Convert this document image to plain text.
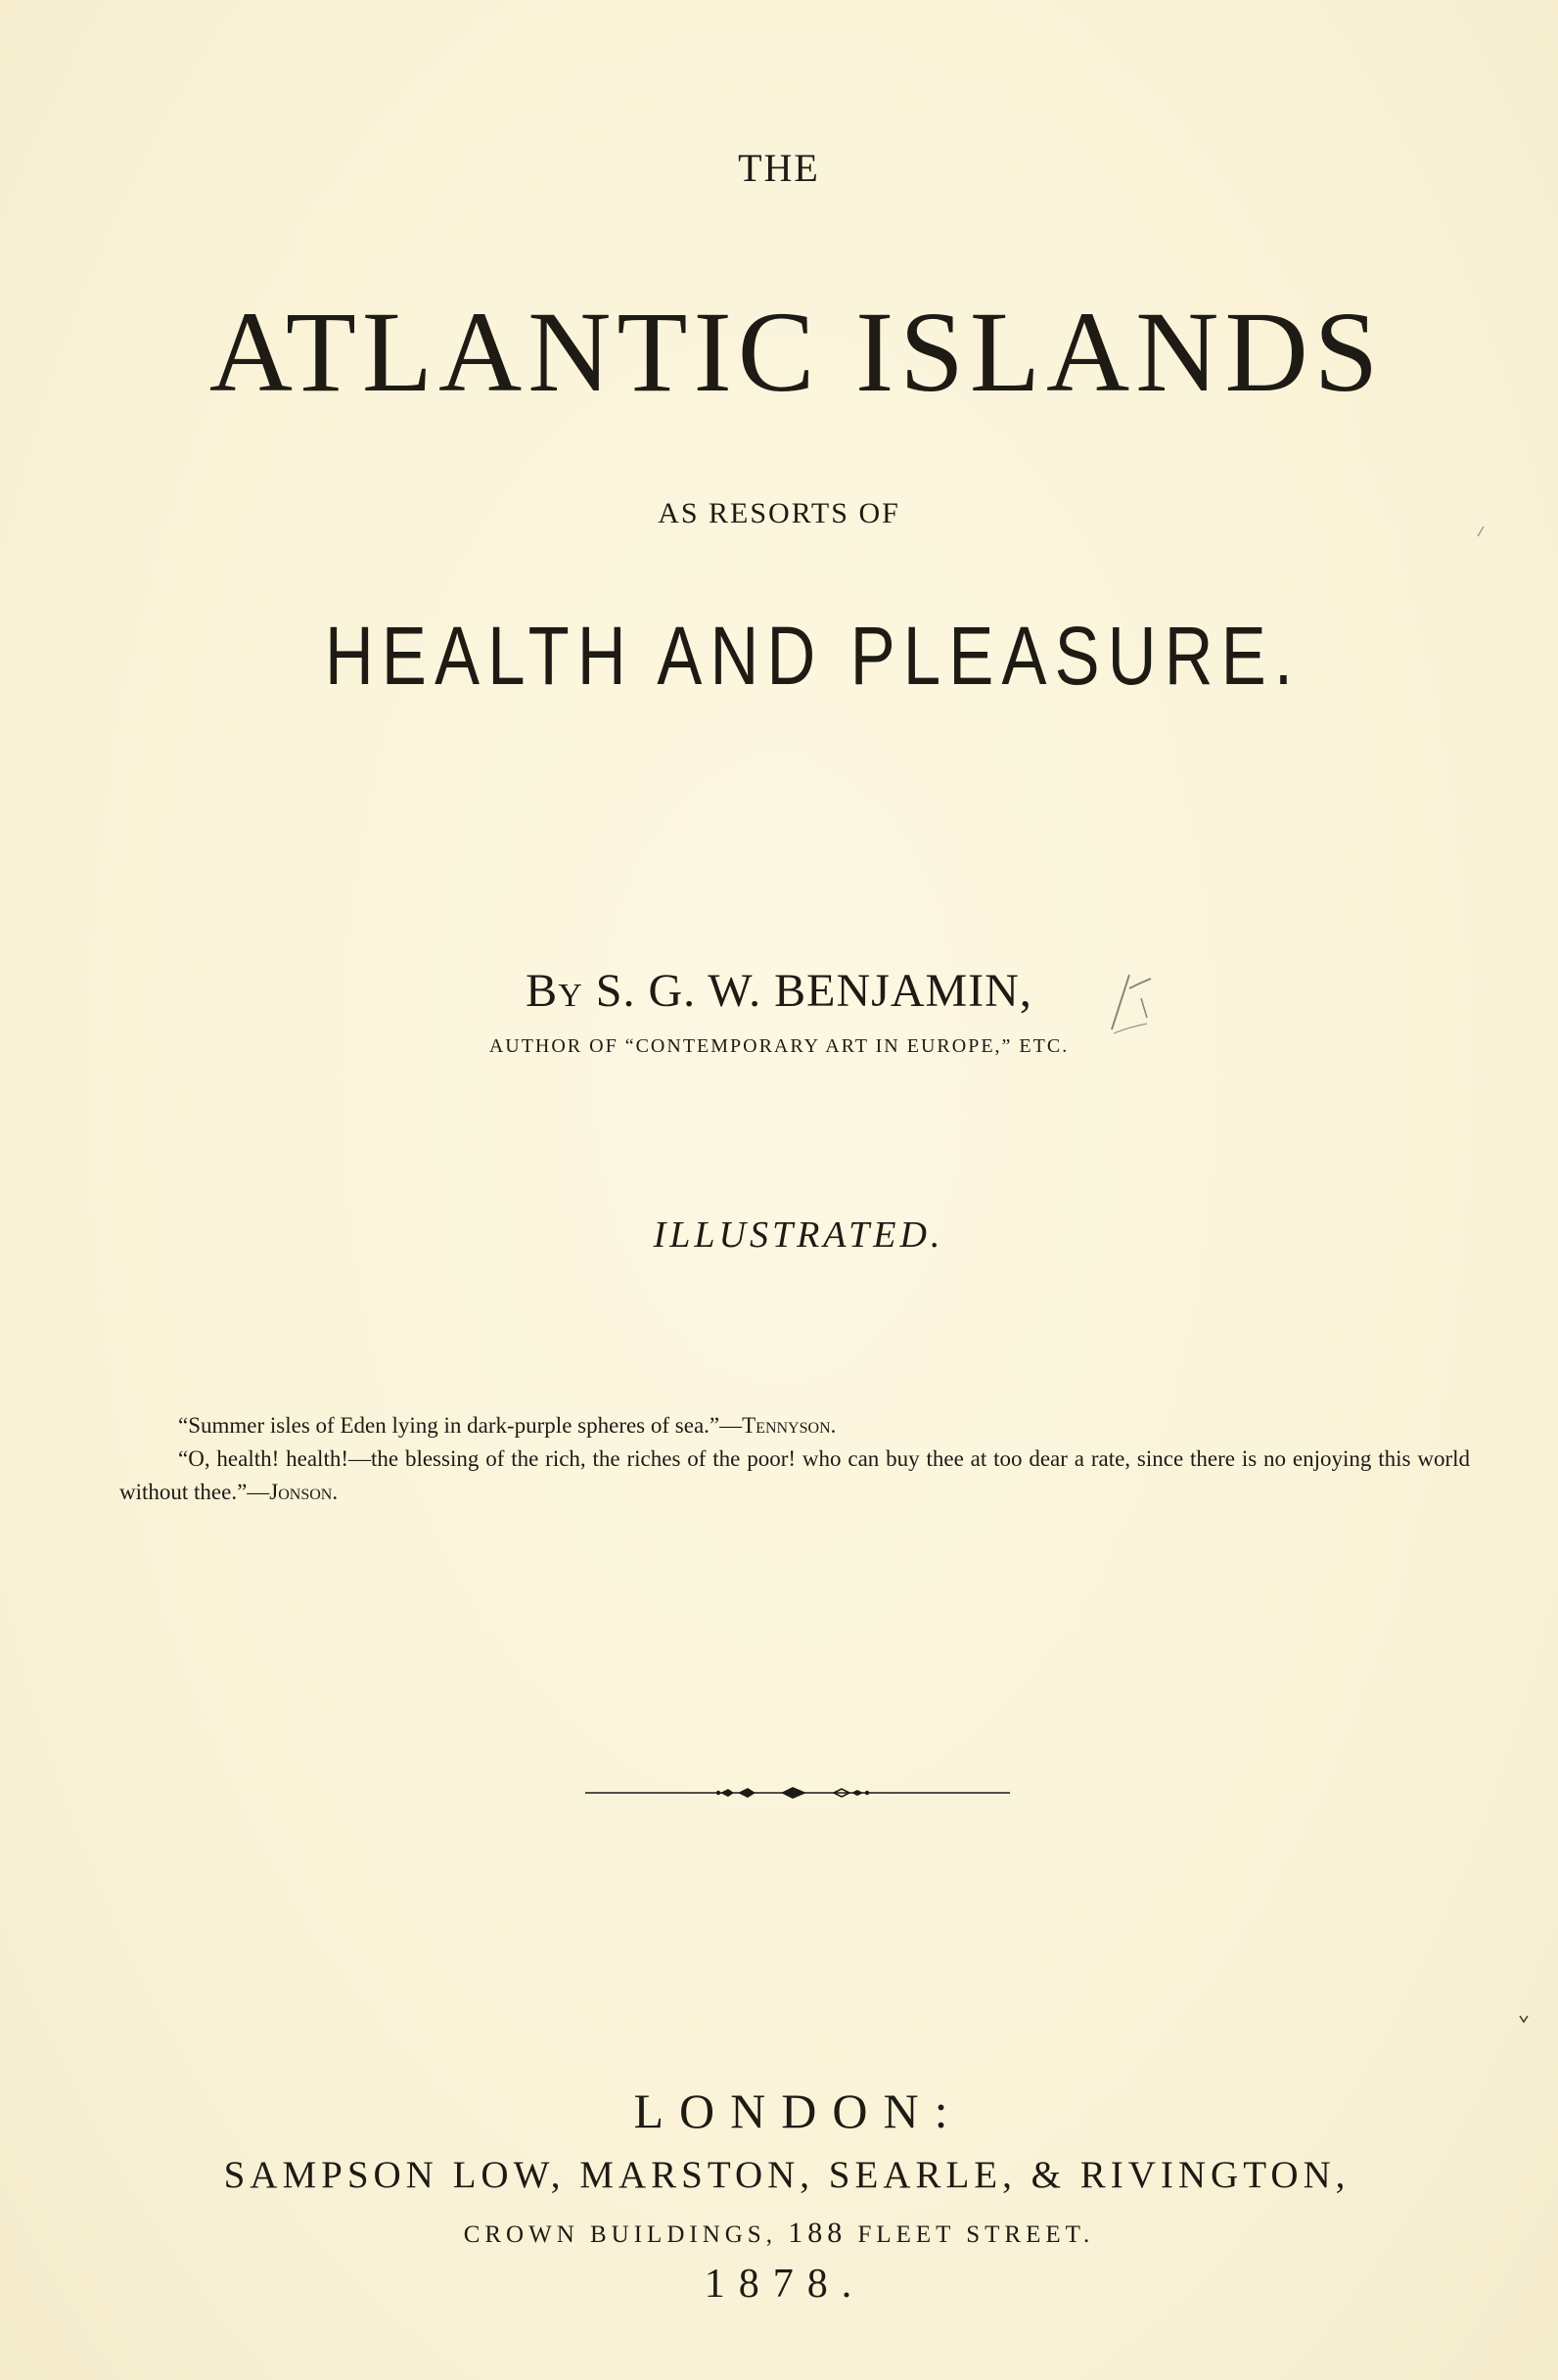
THE
ATLANTIC ISLANDS
AS RESORTS OF
HEALTH AND PLEASURE.
By S. G. W. BENJAMIN,
AUTHOR OF “CONTEMPORARY ART IN EUROPE,” ETC.
ILLUSTRATED.
“Summer isles of Eden lying in dark-purple spheres of sea.”—Tennyson.
“O, health! health!—the blessing of the rich, the riches of the poor! who can buy thee at too dear a rate, since there is no enjoying this world without thee.”—Jonson.
LONDON:
SAMPSON LOW, MARSTON, SEARLE, & RIVINGTON,
CROWN BUILDINGS, 188 FLEET STREET.
1878.
